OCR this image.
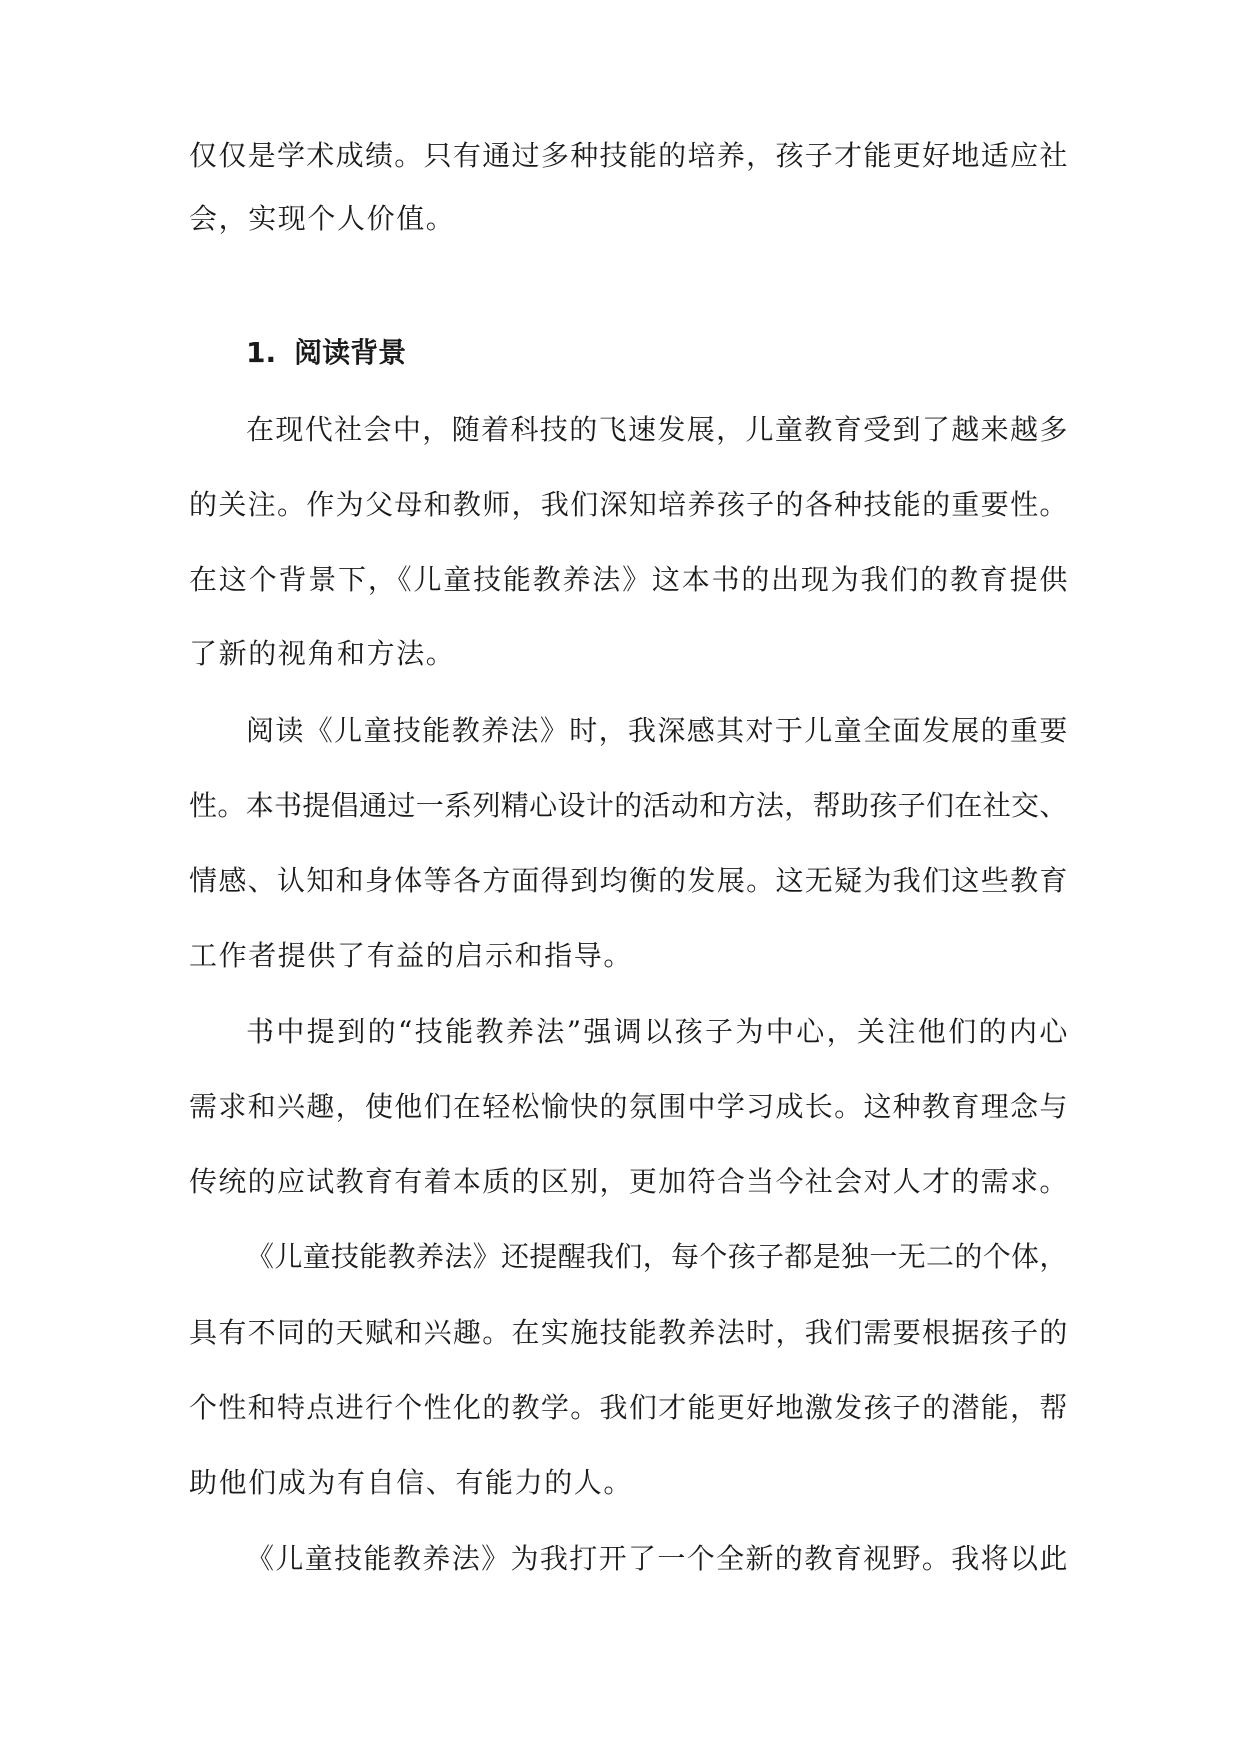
仅仅是学术成绩。只有通过多种技能的培养，孩子才能更好地适应社
会，实现个人价值。
1. 阅读背景
在现代社会中，随着科技的飞速发展，儿童教育受到了越来越多
的关注。作为父母和教师，我们深知培养孩子的各种技能的重要性。
在这个背景下，《儿童技能教养法》这本书的出现为我们的教育提供
了新的视角和方法。
阅读《儿童技能教养法》时，我深感其对于儿童全面发展的重要
性。本书提倡通过一系列精心设计的活动和方法，帮助孩子们在社交、
情感、认知和身体等各方面得到均衡的发展。这无疑为我们这些教育
工作者提供了有益的启示和指导。
书中提到的“技能教养法”强调以孩子为中心，关注他们的内心
需求和兴趣，使他们在轻松愉快的氛围中学习成长。这种教育理念与
传统的应试教育有着本质的区别，更加符合当今社会对人才的需求。
《儿童技能教养法》还提醒我们，每个孩子都是独一无二的个体，
具有不同的天赋和兴趣。在实施技能教养法时，我们需要根据孩子的
个性和特点进行个性化的教学。我们才能更好地激发孩子的潜能，帮
助他们成为有自信、有能力的人。
《儿童技能教养法》为我打开了一个全新的教育视野。我将以此
